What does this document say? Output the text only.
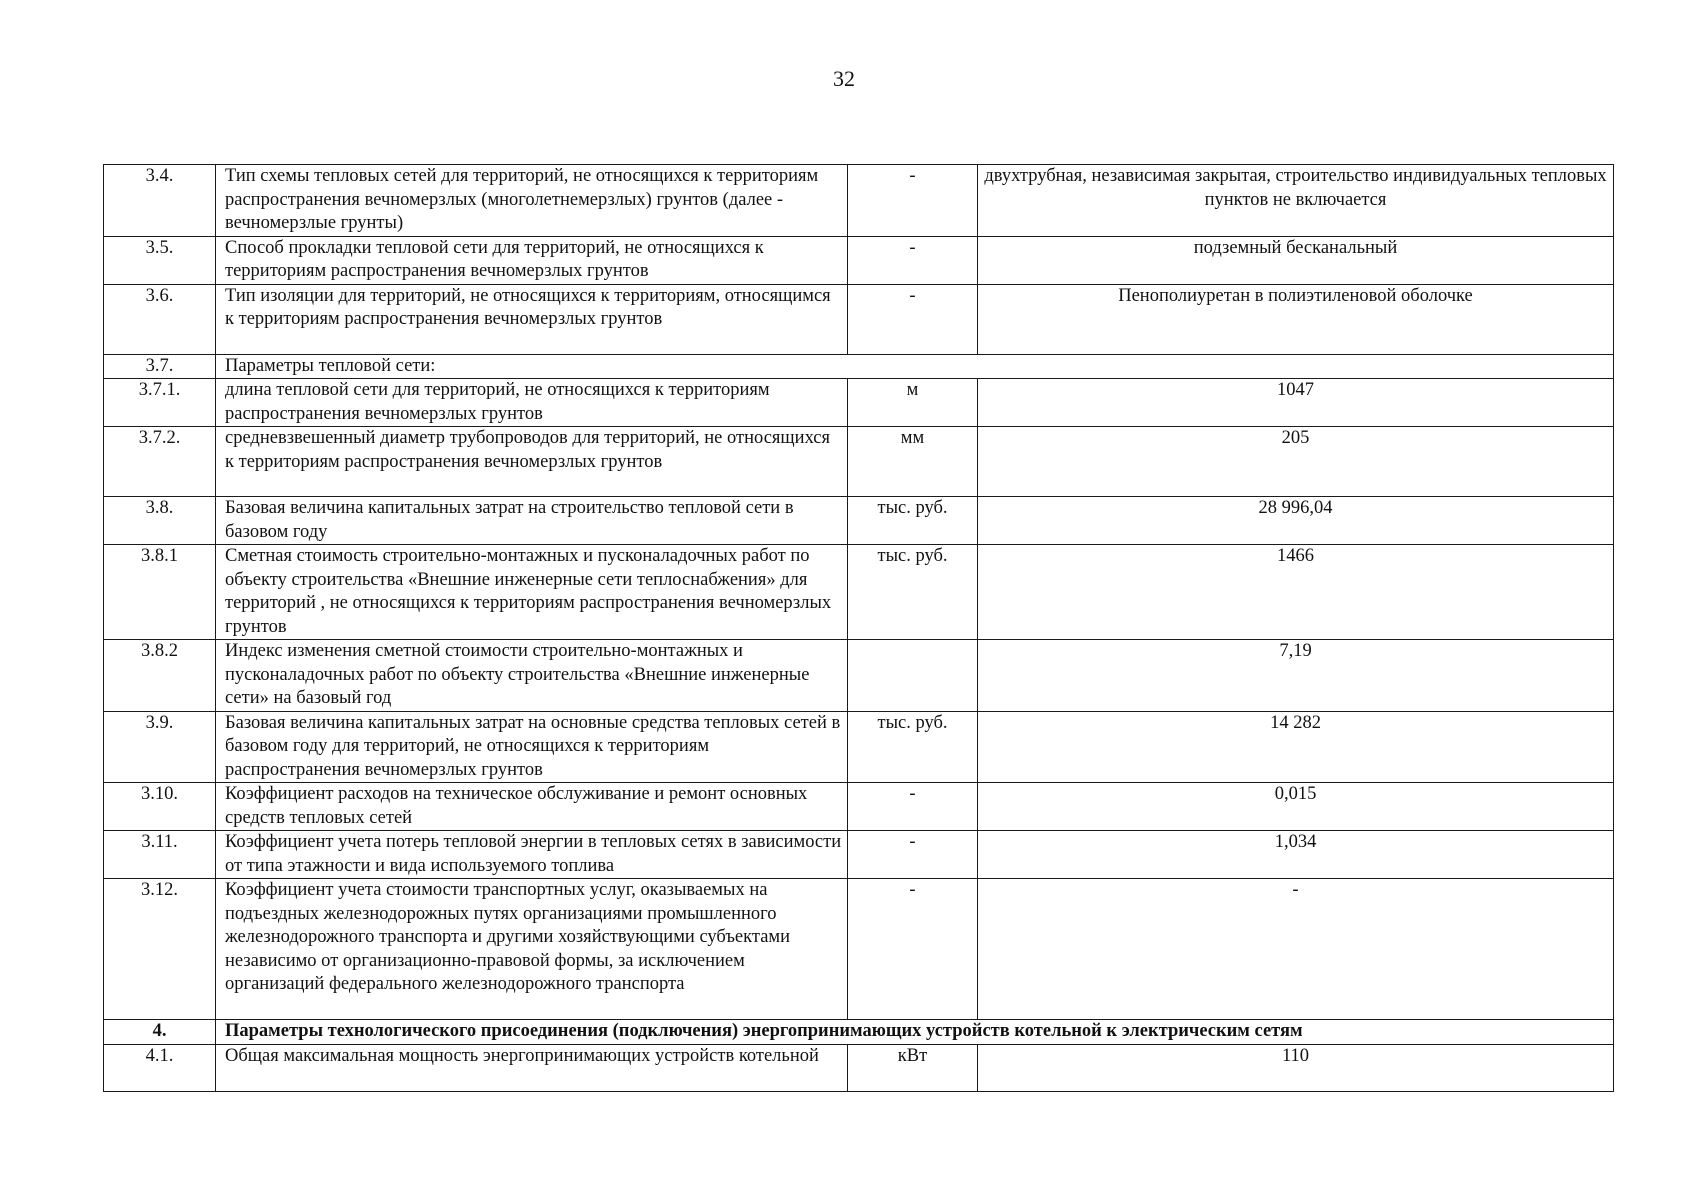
32
3.4.	Тип схемы тепловых сетей для территорий, не относящихся к территориям распространения вечномерзлых (многолетнемерзлых) грунтов (далее - вечномерзлые грунты)	-	двухтрубная, независимая закрытая, строительство индивидуальных тепловых пунктов не включается
3.5.	Способ прокладки тепловой сети для территорий, не относящихся к территориям распространения вечномерзлых грунтов	-	подземный бесканальный
3.6.	Тип изоляции для территорий, не относящихся к территориям, относящимся к территориям распространения вечномерзлых грунтов	-	Пенополиуретан в полиэтиленовой оболочке
3.7.	Параметры тепловой сети:		
3.7.1.	длина тепловой сети для территорий, не относящихся к территориям распространения вечномерзлых грунтов	м	1047
3.7.2.	средневзвешенный диаметр трубопроводов для территорий, не относящихся к территориям распространения вечномерзлых грунтов	мм	205
3.8.	Базовая величина капитальных затрат на строительство тепловой сети в базовом году	тыс. руб.	28 996,04
3.8.1	Сметная стоимость строительно-монтажных и пусконаладочных работ по объекту строительства «Внешние инженерные сети теплоснабжения» для территорий , не относящихся к территориям распространения вечномерзлых грунтов	тыс. руб.	1466
3.8.2	Индекс изменения сметной стоимости строительно-монтажных и пусконаладочных работ по объекту строительства «Внешние инженерные сети» на базовый год		7,19
3.9.	Базовая величина капитальных затрат на основные средства тепловых сетей в базовом году для территорий, не относящихся к территориям распространения вечномерзлых грунтов	тыс. руб.	14 282
3.10.	Коэффициент расходов на техническое обслуживание и ремонт основных средств тепловых сетей	-	0,015
3.11.	Коэффициент учета потерь тепловой энергии в тепловых сетях в зависимости от типа этажности и вида используемого топлива	-	1,034
3.12.	Коэффициент учета стоимости транспортных услуг, оказываемых на подъездных железнодорожных путях организациями промышленного железнодорожного транспорта и другими хозяйствующими субъектами независимо от организационно-правовой формы, за исключением организаций федерального железнодорожного транспорта	-	-
4.	Параметры технологического присоединения (подключения) энергопринимающих устройств котельной к электрическим сетям		
4.1.	Общая максимальная мощность энергопринимающих устройств котельной	кВт	110
